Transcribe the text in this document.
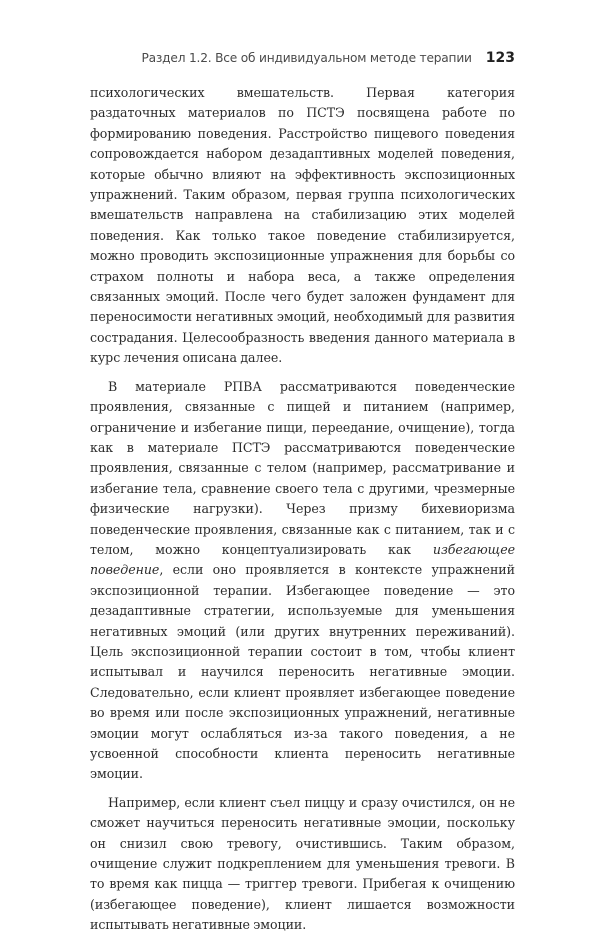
Раздел 1.2. Все об индивидуальном методе терапии 123

психологических вмешательств. Первая категория раздаточных материалов по ПСТЭ посвящена работе по формированию поведения. Расстройство пищевого поведения сопровождается набором дезадаптивных моделей поведения, которые обычно влияют на эффективность экспозиционных упражнений. Таким образом, первая группа психологических вмешательств направлена на стабилизацию этих моделей поведения. Как только такое поведение стабилизируется, можно проводить экспозиционные упражнения для борьбы со страхом полноты и набора веса, а также определения связанных эмоций. После чего будет заложен фундамент для переносимости негативных эмоций, необходимый для развития сострадания. Целесообразность введения данного материала в курс лечения описана далее.

В материале РПВА рассматриваются поведенческие проявления, связанные с пищей и питанием (например, ограничение и избегание пищи, переедание, очищение), тогда как в материале ПСТЭ рассматриваются поведенческие проявления, связанные с телом (например, рассматривание и избегание тела, сравнение своего тела с другими, чрезмерные физические нагрузки). Через призму бихевиоризма поведенческие проявления, связанные как с питанием, так и с телом, можно концептуализировать как избегающее поведение, если оно проявляется в контексте упражнений экспозиционной терапии. Избегающее поведение — это дезадаптивные стратегии, используемые для уменьшения негативных эмоций (или других внутренних переживаний). Цель экспозиционной терапии состоит в том, чтобы клиент испытывал и научился переносить негативные эмоции. Следовательно, если клиент проявляет избегающее поведение во время или после экспозиционных упражнений, негативные эмоции могут ослабляться из-за такого поведения, а не усвоенной способности клиента переносить негативные эмоции.

Например, если клиент съел пиццу и сразу очистился, он не сможет научиться переносить негативные эмоции, поскольку он снизил свою тревогу, очистившись. Таким образом, очищение служит подкреплением для уменьшения тревоги. В то время как пицца — триггер тревоги. Прибегая к очищению (избегающее поведение), клиент лишается возможности испытывать негативные эмоции.
